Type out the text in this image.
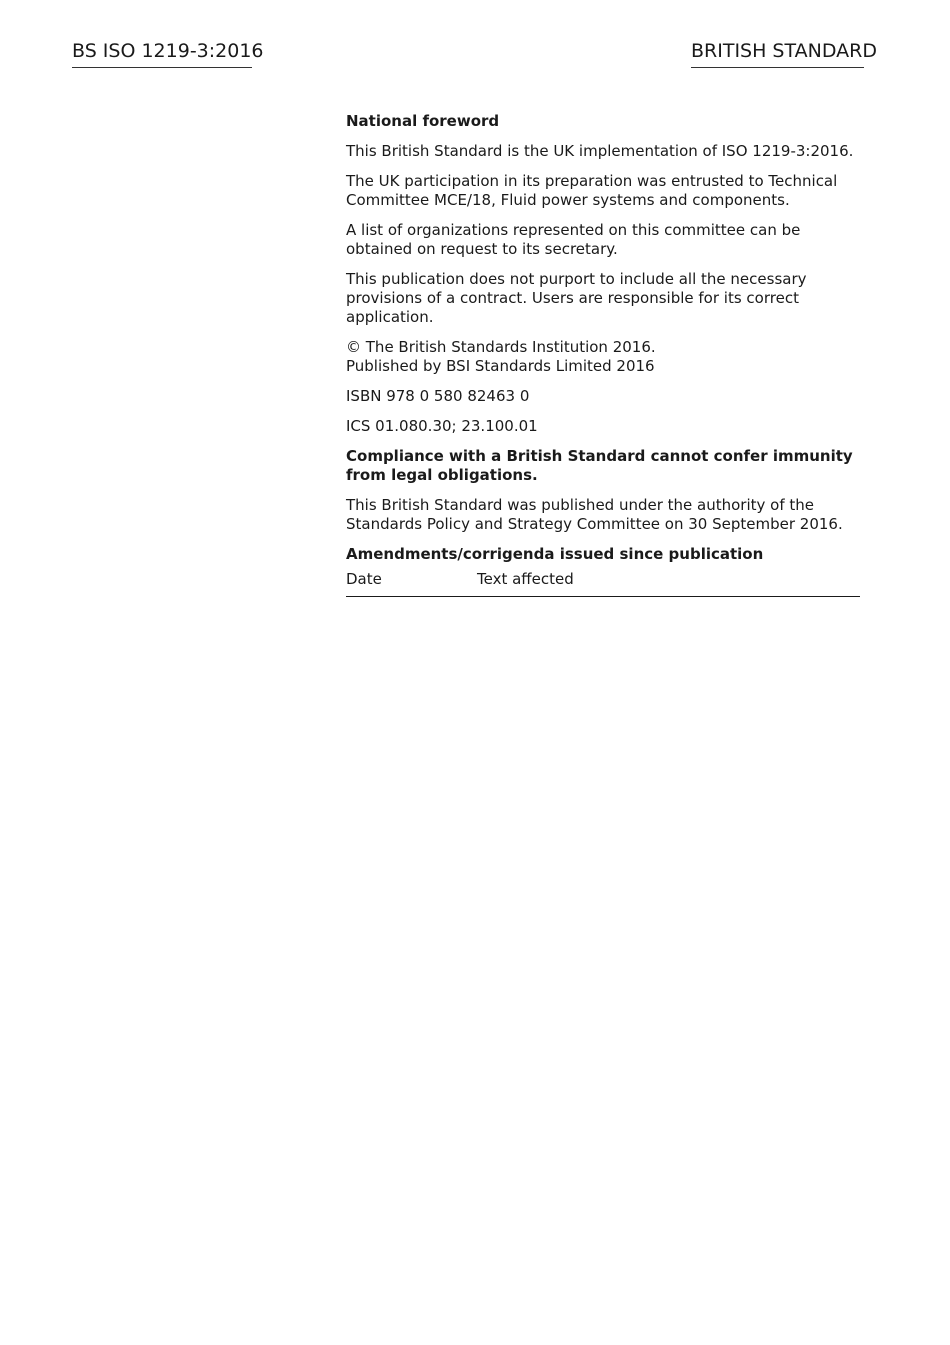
BS ISO 1219-3:2016	BRITISH STANDARD

National foreword

This British Standard is the UK implementation of ISO 1219-3:2016.

The UK participation in its preparation was entrusted to Technical Committee MCE/18, Fluid power systems and components.

A list of organizations represented on this committee can be obtained on request to its secretary.

This publication does not purport to include all the necessary provisions of a contract. Users are responsible for its correct application.

© The British Standards Institution 2016.
Published by BSI Standards Limited 2016

ISBN 978 0 580 82463 0

ICS 01.080.30; 23.100.01

Compliance with a British Standard cannot confer immunity from legal obligations.

This British Standard was published under the authority of the Standards Policy and Strategy Committee on 30 September 2016.

Amendments/corrigenda issued since publication

Date	Text affected
